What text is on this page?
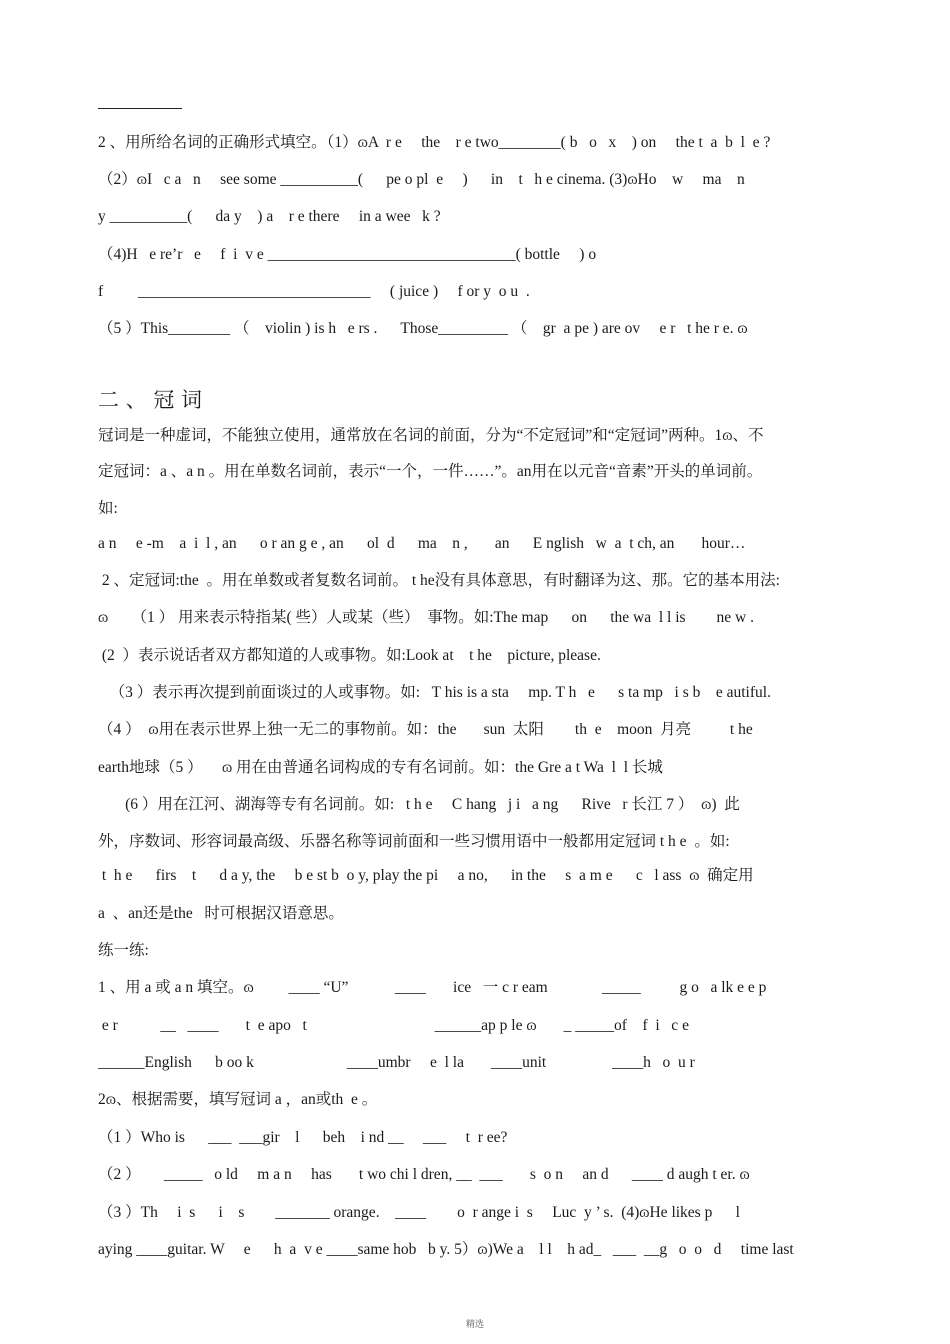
2 、用所给名词的正确形式填空。（1）ɷA  r e     the    r e two________( b   o   x    ) on     the t  a  b  l  e ?
（2）ɷI   c a   n     see some __________(      pe o pl  e     )      in    t   h e cinema. (3)ɷHo    w     ma    n
y __________(      da y    ) a    r e there     in a wee   k ?
（4)H   e re’r   e     f  i  v e ________________________________( bottle     ) o
f         ______________________________     ( juice )     f or y  o u  .
（5 ）This________ （    violin ) is h   e rs .      Those_________ （    gr  a pe ) are ov     e r   t he r e. ɷ
二 、 冠 词
冠词是一种虚词，不能独立使用，通常放在名词的前面，分为“不定冠词”和“定冠词”两种。1ɷ、不
定冠词：a 、a n 。用在单数名词前，表示“一个，一件……”。an用在以元音“音素”开头的单词前。
如:
a n     e -m    a  i  l , an      o r an g e , an      ol  d      ma    n ,       an      E nglish   w  a  t ch, an       hour…
2 、定冠词:the  。用在单数或者复数名词前。 t he没有具体意思，有时翻译为这、那。它的基本用法:
ɷ      （1 ） 用来表示特指某( 些）人或某（些）  事物。如:The map      on      the wa  l l is        ne w .
(2  ）表示说话者双方都知道的人或事物。如:Look at    t he    picture, please.
（3 ）表示再次提到前面谈过的人或事物。如:   T his is a sta     mp. T h   e      s ta mp   i s b    e autiful.
（4 ）  ɷ用在表示世界上独一无二的事物前。如：the       sun  太阳        th  e    moon  月亮          t he
earth地球（5 ）     ɷ 用在由普通名词构成的专有名词前。如：the Gre a t Wa  l  l 长城
(6 ）用在江河、湖海等专有名词前。如:   t h e     C hang   j i   a ng      Rive   r 长江 7 ）  ɷ)  此
外，序数词、形容词最高级、乐器名称等词前面和一些习惯用语中一般都用定冠词 t h e  。如:
t  h e      firs    t      d a y, the     b e st b  o y, play the pi     a no,      in the     s  a m e      c   l ass  ɷ  确定用
a  、an还是the   时可根据汉语意思。
练一练:
1 、用 a 或 a n 填空。ɷ         ____ “U”            ____       ice   一 c r eam              _____          g o   a lk e e p
e r           __   ____       t  e apo   t                                 ______ap p le ɷ       _ _____of    f  i   c e
______English      b oo k                        ____umbr     e  l la       ____unit                 ____h   o  u r
2ɷ、根据需要，填写冠词 a ，an或th  e 。
（1 ）Who is      ___  ___gir    l      beh    i nd __     ___     t  r ee?
（2 ）      _____   o ld     m a n     has       t wo chi l dren, __  ___       s  o n     an d      ____ d augh t er. ɷ
（3 ）Th     i  s      i    s        _______ orange.    ____        o  r ange i  s     Luc  y ’ s.  (4)ɷHe likes p      l
aying ____guitar. W     e      h  a  v e ____same hob   b y. 5）ɷ)We a    l l    h ad_   ___  __g   o  o   d     time last
精选
